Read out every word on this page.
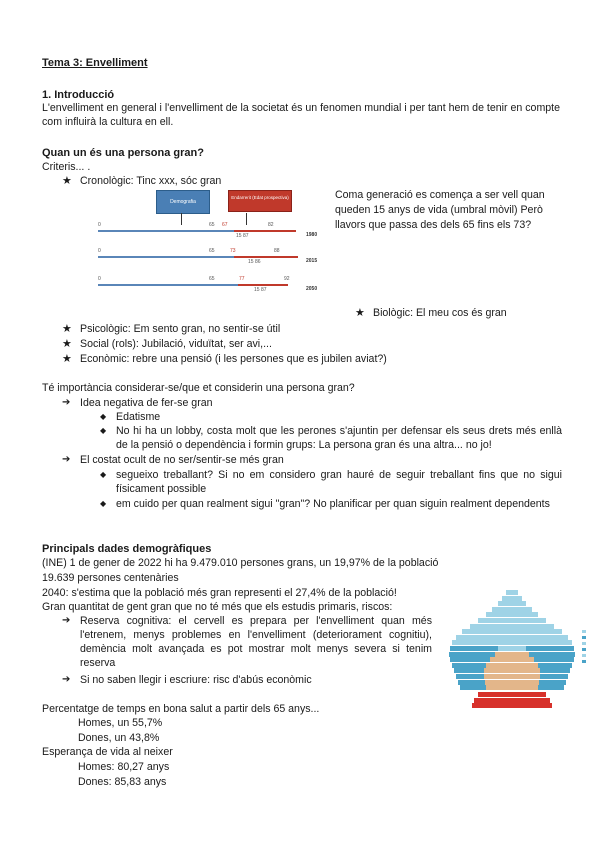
Tema 3: Envelliment
1. Introducció
L'envelliment en general i l'envelliment de la societat és un fenomen mundial i per tant hem de tenir en compte com influirà la cultura en ell.
Quan un és una persona gran?
Criteris... .
★ Cronològic: Tinc xxx, sóc gran
Demografia
Endarrerit (Edat prospectiva)
0	65 67	82
15 87	1980
0	65	73	88
15 86	2015
0	65	77	92
15 87	2050
Coma generació es comença a ser vell quan queden 15 anys de vida (umbral mòvil) Però llavors que passa des dels 65 fins els 73?
★ Biològic: El meu cos és gran
★ Psicològic: Em sento gran, no sentir-se útil
★ Social (rols): Jubilació, viduïtat, ser avi,...
★ Econòmic: rebre una pensió (i les persones que es jubilen aviat?)
Té importància considerar-se/que et considerin una persona gran?
➔ Idea negativa de fer-se gran
◆ Edatisme
◆ No hi ha un lobby, costa molt que les perones s'ajuntin per defensar els seus drets més enllà de la pensió o dependència i formin grups: La persona gran és una altra... no jo!
➔ El costat ocult de no ser/sentir-se més gran
◆ segueixo treballant? Si no em considero gran hauré de seguir treballant fins que no sigui físicament possible
◆ em cuido per quan realment sigui "gran"? No planificar per quan siguin realment dependents
Principals dades demogràfiques
(INE) 1 de gener de 2022 hi ha 9.479.010 persones grans, un 19,97% de la població
19.639 persones centenàries
2040: s'estima que la població més gran representi el 27,4% de la població!
Gran quantitat de gent gran que no té més que els estudis primaris, riscos:
➔ Reserva cognitiva: el cervell es prepara per l'envelliment quan més l'etrenem, menys problemes en l'envelliment (deteriorament cognitiu), demència molt avançada es pot mostrar molt menys severa si tenim reserva
➔ Si no saben llegir i escriure: risc d'abús econòmic
Percentatge de temps en bona salut a partir dels 65 anys...
Homes, un 55,7%
Dones, un 43,8%
Esperança de vida al neixer
Homes: 80,27 anys
Dones: 85,83 anys
